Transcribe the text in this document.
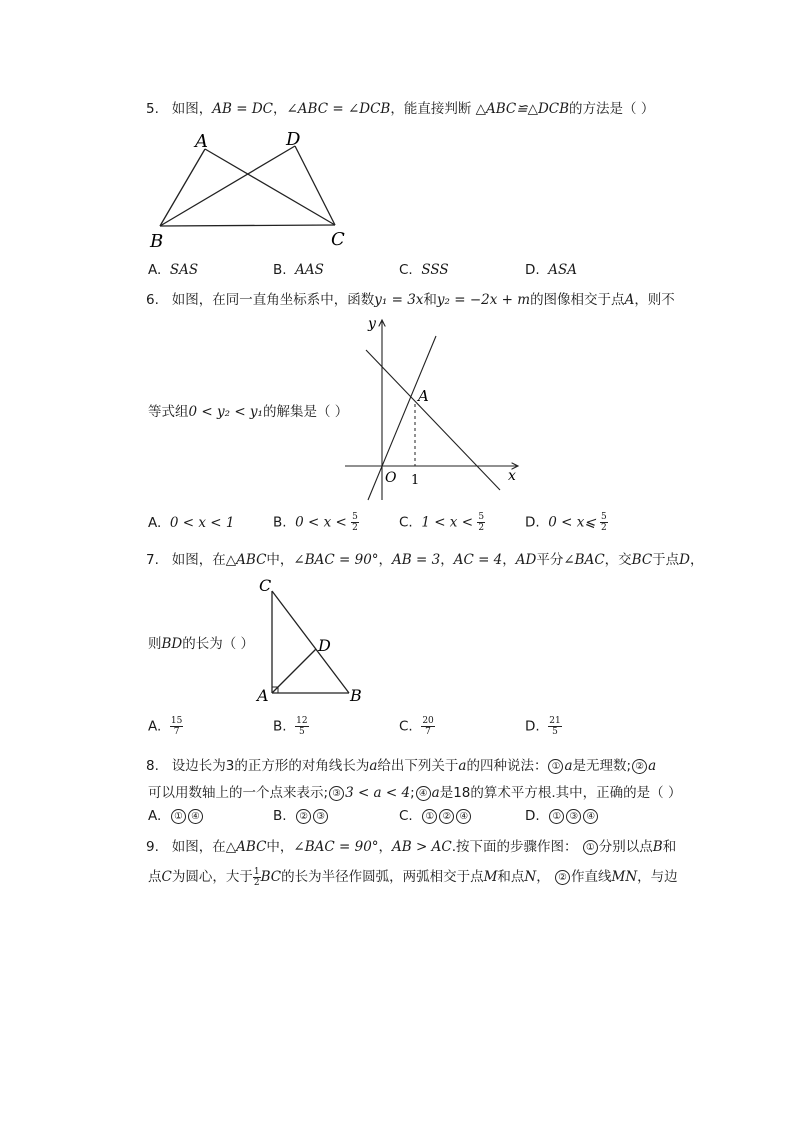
5. 如图，AB = DC，∠ABC = ∠DCB，能直接判断 △ABC≌△DCB的方法是（ ）
A	D
B	C
A. SAS	B. AAS	C. SSS	D. ASA
6. 如图，在同一直角坐标系中，函数y₁ = 3x和y₂ = −2x + m的图像相交于点A，则不
等式组0 < y₂ < y₁的解集是（ ）
y
x
O 1
A
A. 0 < x < 1	B. $0 < x < \frac{5}{2}$	C. $1 < x < \frac{5}{2}$	D. 0 < x⩽ $\frac{5}{2}$
7. 如图，在△ABC中，∠BAC = 90°，AB = 3，AC = 4，AD平分∠BAC，交BC于点D，
则BD的长为（ ）
C
D
A	B
A. $\frac{15}{7}$	B. $\frac{12}{5}$	C. $\frac{20}{7}$	D. $\frac{21}{5}$
8. 设边长为3的正方形的对角线长为a给出下列关于a的四种说法： ① a是无理数; ② a
可以用数轴上的一个点来表示; ③ 3 < a < 4; ④ a是18的算术平方根.其中，正确的是（ ）
A. ① ④	B. ② ③	C. ① ② ④	D. ① ③ ④
9. 如图，在△ABC中，∠BAC = 90°，AB > AC.按下面的步骤作图： ① 分别以点B和
点C为圆心，大于 $\frac{1}{2}$ BC的长为半径作圆弧，两弧相交于点M和点N， ② 作直线MN，与边
